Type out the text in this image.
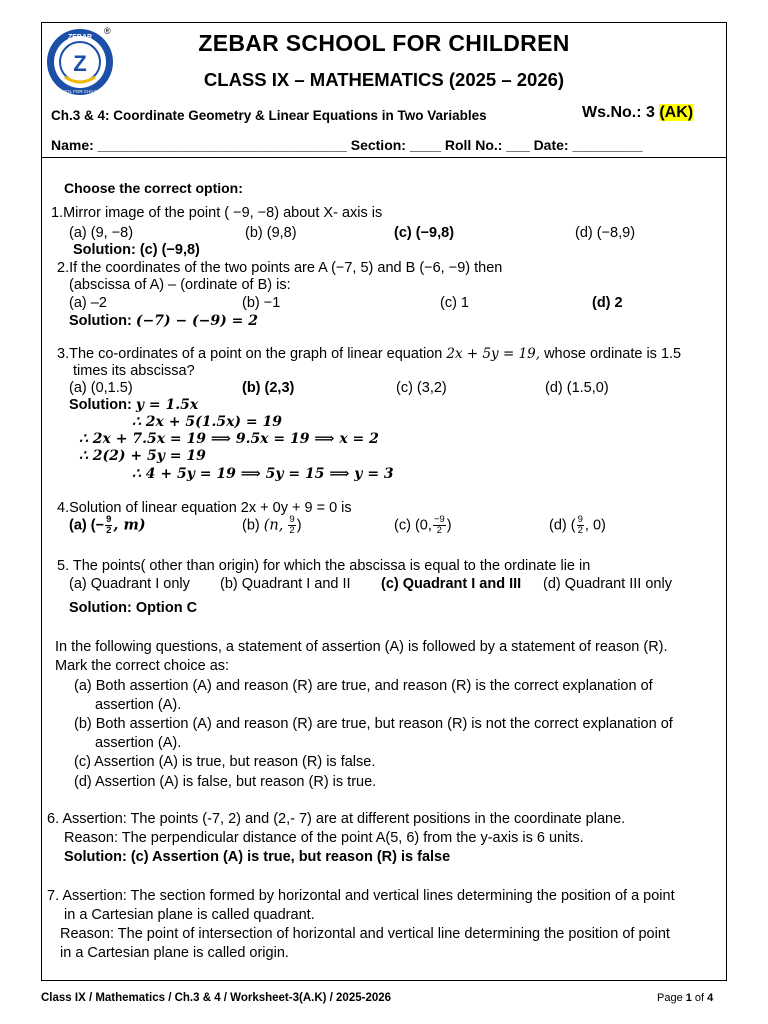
ZEBAR
Z
SCHOOL FOR CHILDREN
®	ZEBAR SCHOOL FOR CHILDREN
CLASS IX – MATHEMATICS (2025 – 2026)
Ch.3 & 4: Coordinate Geometry & Linear Equations in Two Variables	Ws.No.: 3 (AK)
Name: ________________________________ Section: ____ Roll No.: ___ Date: _________
Choose the correct option:
1.Mirror image of the point ( −9, −8) about X- axis is
(a) (9, −8)	(b) (9,8)	(c) (−9,8)	(d) (−8,9)
Solution: (c) (−9,8)
2.If the coordinates of the two points are A (−7, 5) and B (−6, −9) then
(abscissa of A) – (ordinate of B) is:
(a) –2	(b) −1	(c) 1	(d) 2
Solution: (−7) − (−9) = 2
3.The co-ordinates of a point on the graph of linear equation 2x + 5y = 19, whose ordinate is 1.5
times its abscissa?
(a) (0,1.5)	(b) (2,3)	(c) (3,2)	(d) (1.5,0)
Solution: y = 1.5x
∴ 2x + 5(1.5x) = 19
∴ 2x + 7.5x = 19 ⟹ 9.5x = 19 ⟹ x = 2
∴ 2(2) + 5y = 19
∴ 4 + 5y = 19 ⟹ 5y = 15 ⟹ y = 3
4.Solution of linear equation 2x + 0y + 9 = 0 is
(a) (− $\frac{9}{2}$ , m)	(b) (n, $\frac{9}{2}$ )	(c) (0, $\frac{-9}{2}$ )	(d) ( $\frac{9}{2}$ , 0)
5. The points( other than origin) for which the abscissa is equal to the ordinate lie in
(a) Quadrant I only (b) Quadrant I and II (c) Quadrant I and III (d) Quadrant III only
Solution: Option C
In the following questions, a statement of assertion (A) is followed by a statement of reason (R).
Mark the correct choice as:
(a) Both assertion (A) and reason (R) are true, and reason (R) is the correct explanation of
assertion (A).
(b) Both assertion (A) and reason (R) are true, but reason (R) is not the correct explanation of
assertion (A).
(c) Assertion (A) is true, but reason (R) is false.
(d) Assertion (A) is false, but reason (R) is true.
6. Assertion: The points (-7, 2) and (2,- 7) are at different positions in the coordinate plane.
Reason: The perpendicular distance of the point A(5, 6) from the y-axis is 6 units.
Solution: (c) Assertion (A) is true, but reason (R) is false
7. Assertion: The section formed by horizontal and vertical lines determining the position of a point
in a Cartesian plane is called quadrant.
Reason: The point of intersection of horizontal and vertical line determining the position of point
in a Cartesian plane is called origin.
Class IX / Mathematics / Ch.3 & 4 / Worksheet-3(A.K) / 2025-2026	Page 1 of 4
